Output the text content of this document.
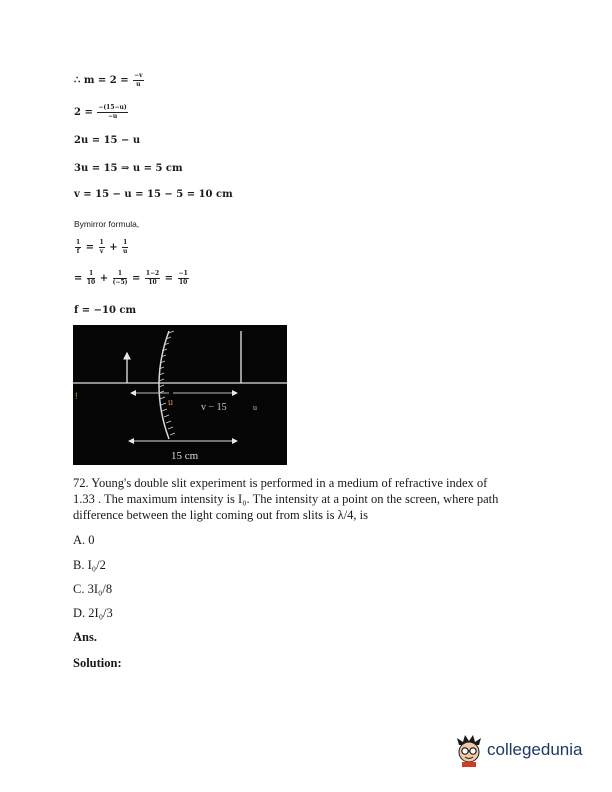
∴ $m = 2 = \frac{-v}{u}$
$2 = \frac{-(15-u)}{-u}$
2u = 15 − u
3u = 15 ⇒ u = 5 cm
v = 15 − u = 15 − 5 = 10 cm
Bymirror formula,
$\frac{1}{f} = \frac{1}{v} + \frac{1}{u}$
= $\frac{1}{10} + \frac{1}{(-5)} = \frac{1-2}{10} = \frac{-1}{10}$
f = −10 cm
u	v − 15	u
15 cm
!
72. Young's double slit experiment is performed in a medium of refractive index of
1.33 . The maximum intensity is I₀. The intensity at a point on the screen, where path
difference between the light coming out from slits is λ/4, is
A. 0
B. I₀/2
C. 3I₀/8
D. 2I₀/3
Ans.
Solution:
collegedunia
